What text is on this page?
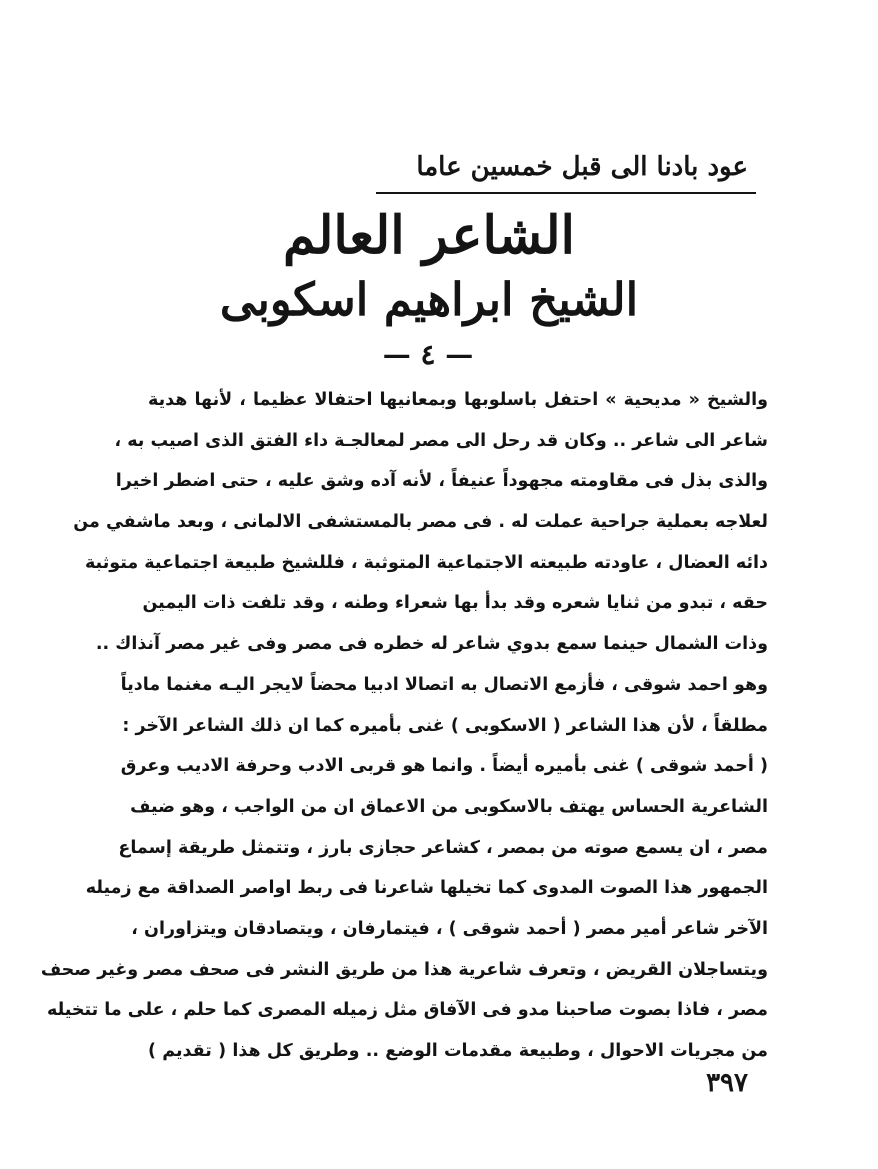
عود بادنا الى قبل خمسين عاما
الشاعر العالم
الشيخ ابراهيم اسكوبى
— ٤ —
والشيخ « مديحية » احتفل باسلوبها وبمعانيها احتفالا عظيما ، لأنها هدية
شاعر الى شاعر .. وكان قد رحل الى مصر لمعالجـة داء الفتق الذى اصيب به ،
والذى بذل فى مقاومته مجهوداً عنيفاً ، لأنه آده وشق عليه ، حتى اضطر اخيرا
لعلاجه بعملية جراحية عملت له . فى مصر بالمستشفى الالمانى ، وبعد ماشفي من
دائه العضال ، عاودته طبيعته الاجتماعية المتوثبة ، فللشيخ طبيعة اجتماعية متوثبة
حقه ، تبدو من ثنايا شعره وقد بدأ بها شعراء وطنه ، وقد تلفت ذات اليمين
وذات الشمال حينما سمع بدوي شاعر له خطره فى مصر وفى غير مصر آنذاك ..
وهو احمد شوقى ، فأزمع الاتصال به اتصالا ادبيا محضاً لايجر اليـه مغنما مادياً
مطلقاً ، لأن هذا الشاعر ( الاسكوبى ) غنى بأميره كما ان ذلك الشاعر الآخر :
( أحمد شوقى ) غنى بأميره أيضاً . وانما هو قربى الادب وحرفة الاديب وعرق
الشاعرية الحساس يهتف بالاسكوبى من الاعماق ان من الواجب ، وهو ضيف
مصر ، ان يسمع صوته من بمصر ، كشاعر حجازى بارز ، وتتمثل طريقة إسماع
الجمهور هذا الصوت المدوى كما تخيلها شاعرنا فى ربط اواصر الصداقة مع زميله
الآخر شاعر أمير مصر ( أحمد شوقى ) ، فيتمارفان ، ويتصادقان ويتزاوران ،
ويتساجلان القريض ، وتعرف شاعرية هذا من طريق النشر فى صحف مصر وغير صحف
مصر ، فاذا بصوت صاحبنا مدو فى الآفاق مثل زميله المصرى كما حلم ، على ما تتخيله
من مجريات الاحوال ، وطبيعة مقدمات الوضع .. وطريق كل هذا ( تقديم )
٣٩٧
